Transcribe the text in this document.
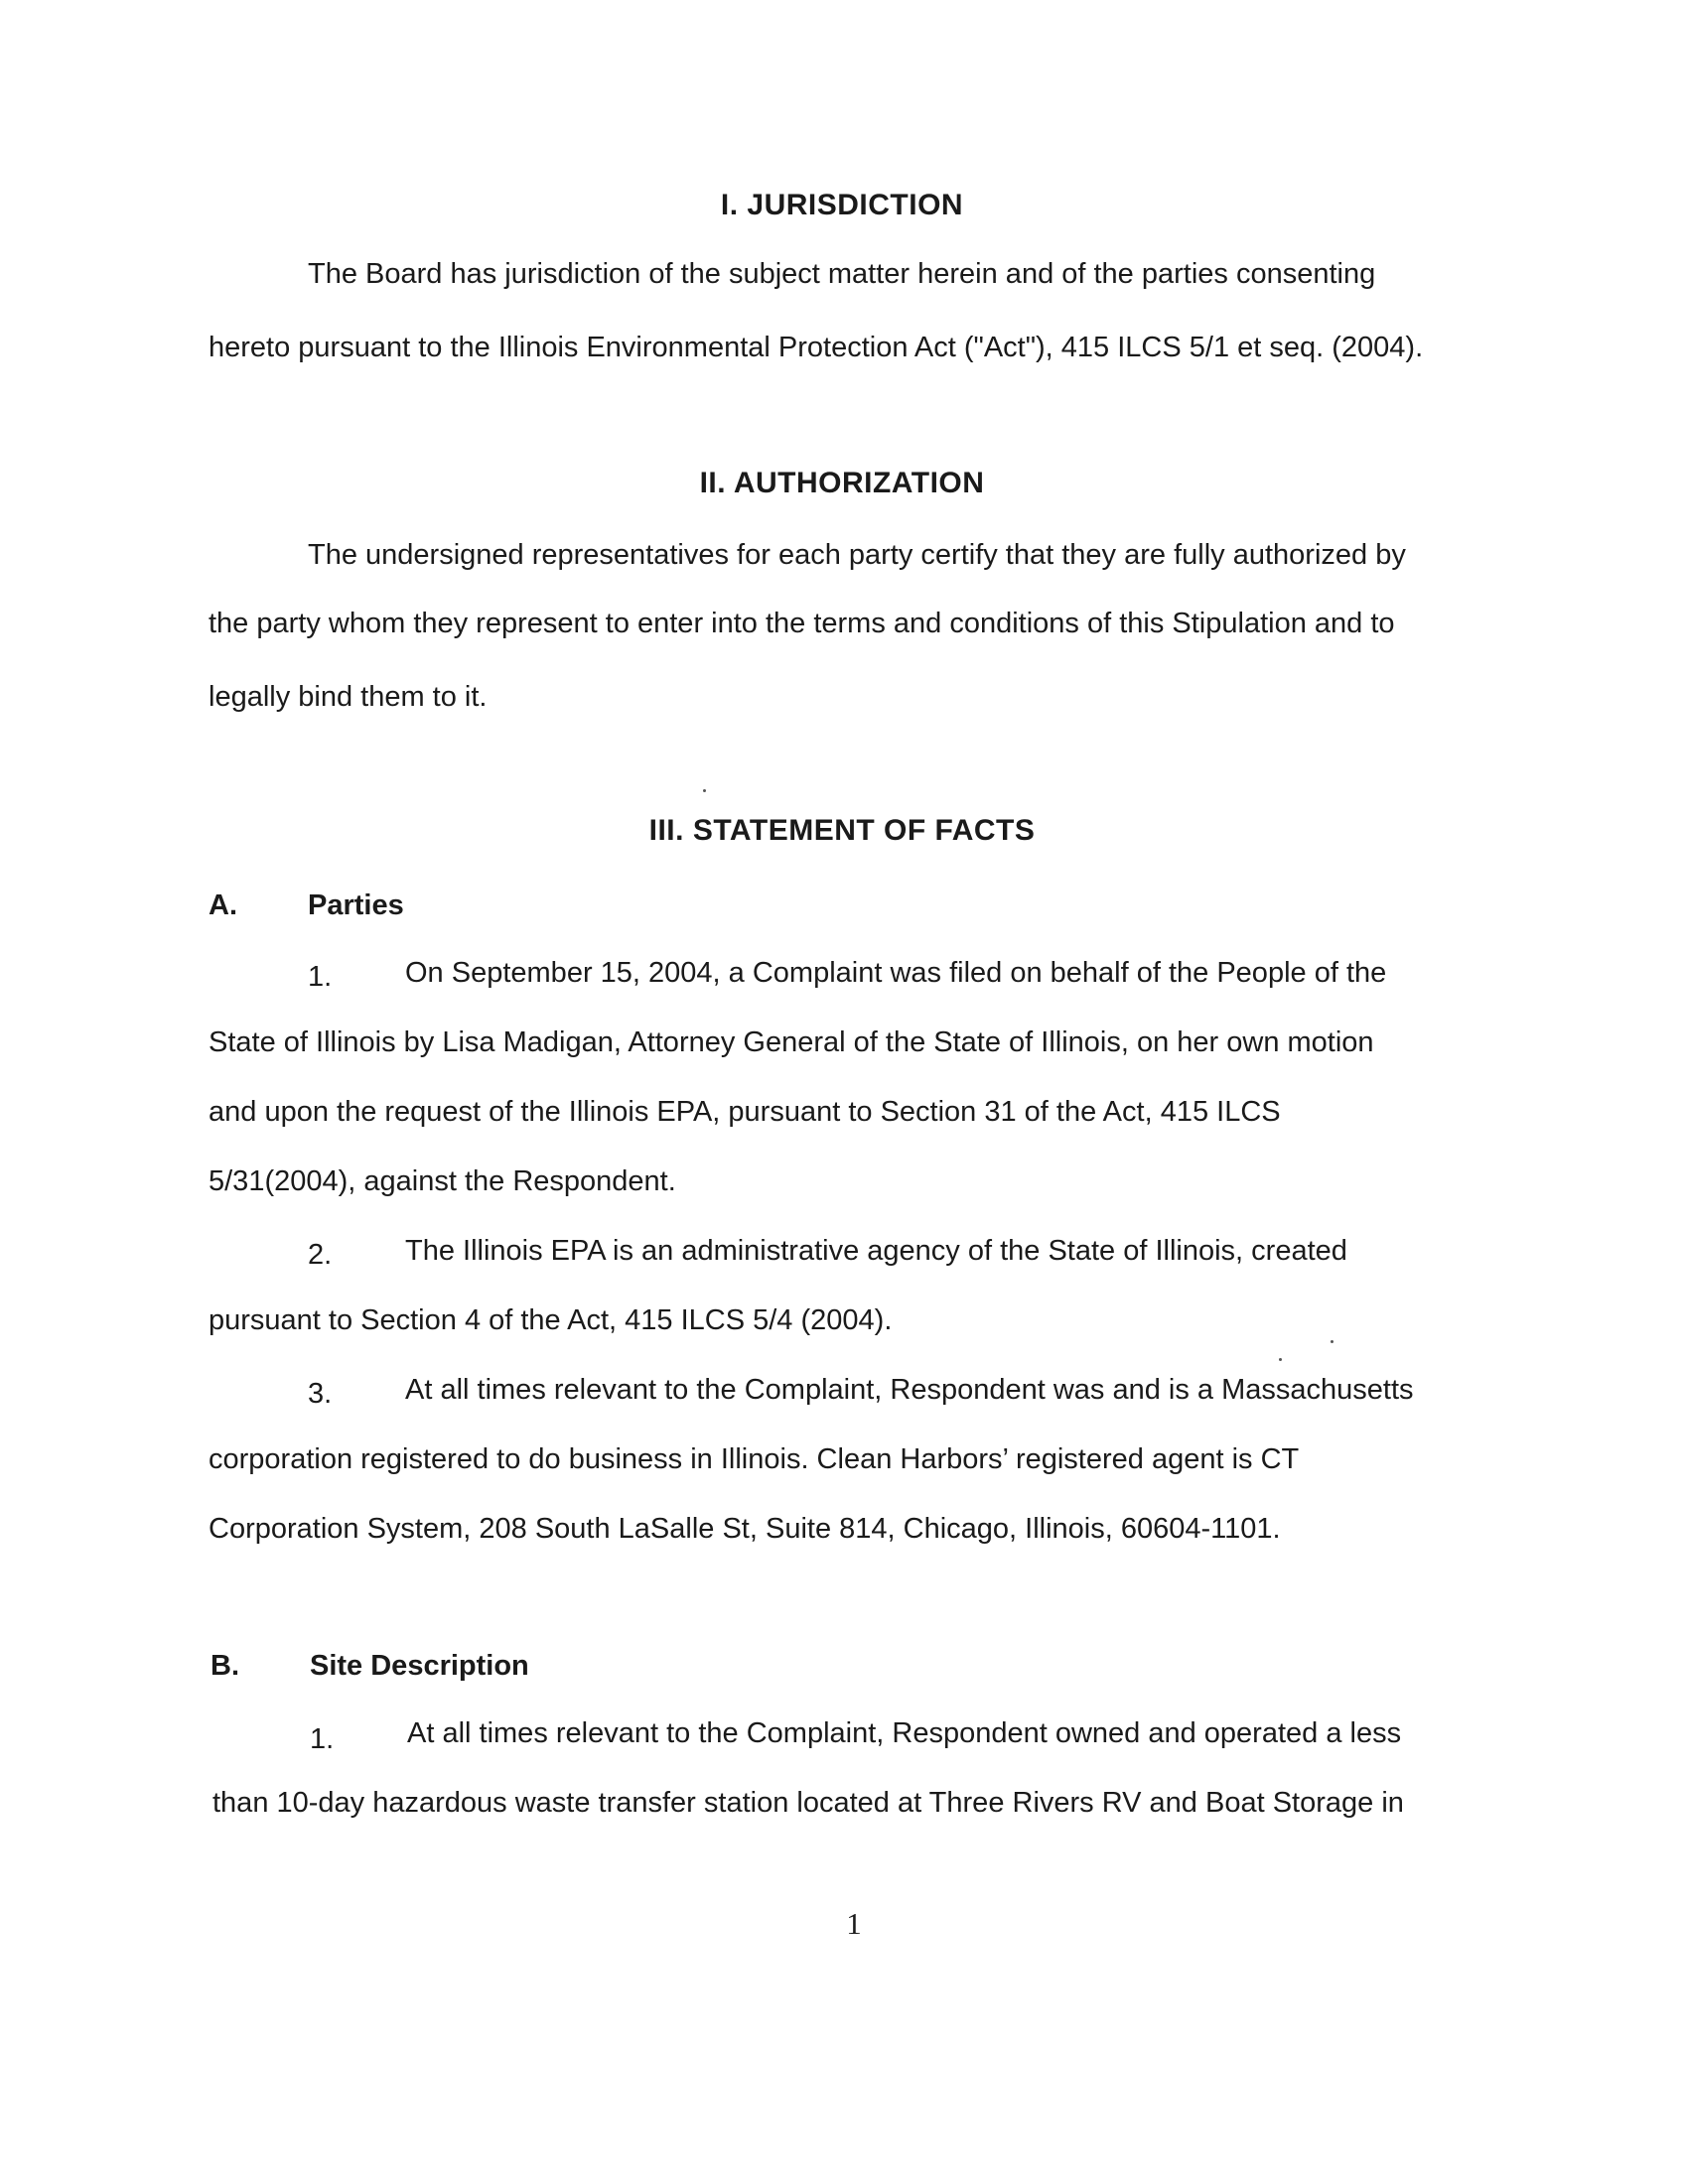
I. JURISDICTION
The Board has jurisdiction of the subject matter herein and of the parties consenting
hereto pursuant to the Illinois Environmental Protection Act ("Act"), 415 ILCS 5/1 et seq. (2004).
II. AUTHORIZATION
The undersigned representatives for each party certify that they are fully authorized by
the party whom they represent to enter into the terms and conditions of this Stipulation and to
legally bind them to it.
III. STATEMENT OF FACTS
A. Parties
1.	On September 15, 2004, a Complaint was filed on behalf of the People of the
State of Illinois by Lisa Madigan, Attorney General of the State of Illinois, on her own motion
and upon the request of the Illinois EPA, pursuant to Section 31 of the Act, 415 ILCS
5/31(2004), against the Respondent.
2.	The Illinois EPA is an administrative agency of the State of Illinois, created
pursuant to Section 4 of the Act, 415 ILCS 5/4 (2004).
3.	At all times relevant to the Complaint, Respondent was and is a Massachusetts
corporation registered to do business in Illinois. Clean Harbors’ registered agent is CT
Corporation System, 208 South LaSalle St, Suite 814, Chicago, Illinois, 60604-1101.
B. Site Description
1.	At all times relevant to the Complaint, Respondent owned and operated a less
than 10-day hazardous waste transfer station located at Three Rivers RV and Boat Storage in
1
